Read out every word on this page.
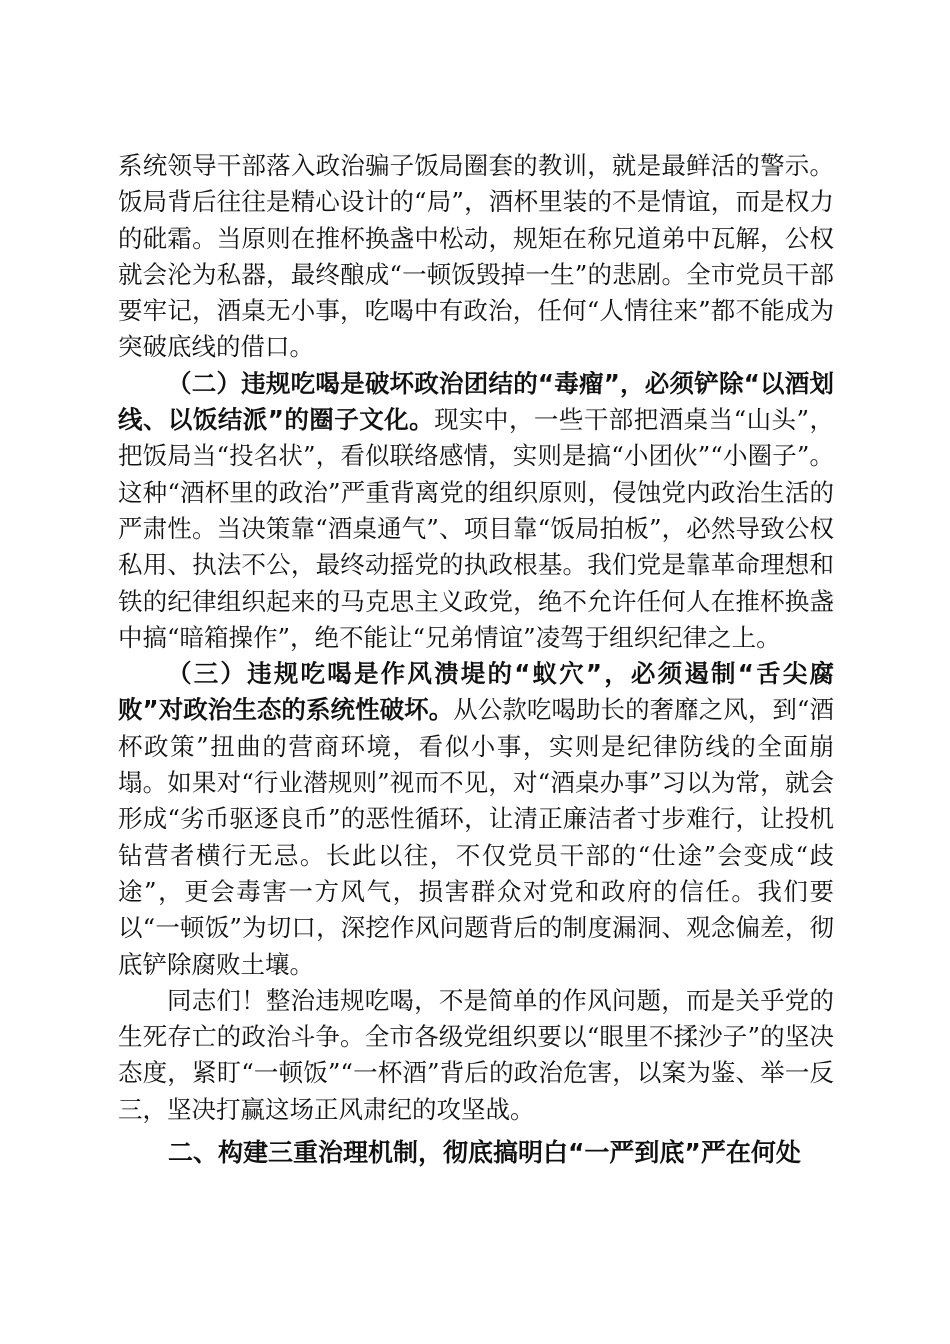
系统领导干部落入政治骗子饭局圈套的教训，就是最鲜活的警示。饭局背后往往是精心设计的“局”，酒杯里装的不是情谊，而是权力的砒霜。当原则在推杯换盏中松动，规矩在称兄道弟中瓦解，公权就会沦为私器，最终酿成“一顿饭毁掉一生”的悲剧。全市党员干部要牢记，酒桌无小事，吃喝中有政治，任何“人情往来”都不能成为突破底线的借口。

（二）违规吃喝是破坏政治团结的“毒瘤”，必须铲除“以酒划线、以饭结派”的圈子文化。现实中，一些干部把酒桌当“山头”，把饭局当“投名状”，看似联络感情，实则是搞“小团伙”“小圈子”。这种“酒杯里的政治”严重背离党的组织原则，侵蚀党内政治生活的严肃性。当决策靠“酒桌通气”、项目靠“饭局拍板”，必然导致公权私用、执法不公，最终动摇党的执政根基。我们党是靠革命理想和铁的纪律组织起来的马克思主义政党，绝不允许任何人在推杯换盏中搞“暗箱操作”，绝不能让“兄弟情谊”凌驾于组织纪律之上。

（三）违规吃喝是作风溃堤的“蚁穴”，必须遏制“舌尖腐败”对政治生态的系统性破坏。从公款吃喝助长的奢靡之风，到“酒杯政策”扭曲的营商环境，看似小事，实则是纪律防线的全面崩塌。如果对“行业潜规则”视而不见，对“酒桌办事”习以为常，就会形成“劣币驱逐良币”的恶性循环，让清正廉洁者寸步难行，让投机钻营者横行无忌。长此以往，不仅党员干部的“仕途”会变成“歧途”，更会毒害一方风气，损害群众对党和政府的信任。我们要以“一顿饭”为切口，深挖作风问题背后的制度漏洞、观念偏差，彻底铲除腐败土壤。

同志们！整治违规吃喝，不是简单的作风问题，而是关乎党的生死存亡的政治斗争。全市各级党组织要以“眼里不揉沙子”的坚决态度，紧盯“一顿饭”“一杯酒”背后的政治危害，以案为鉴、举一反三，坚决打赢这场正风肃纪的攻坚战。

二、构建三重治理机制，彻底搞明白“一严到底”严在何处
